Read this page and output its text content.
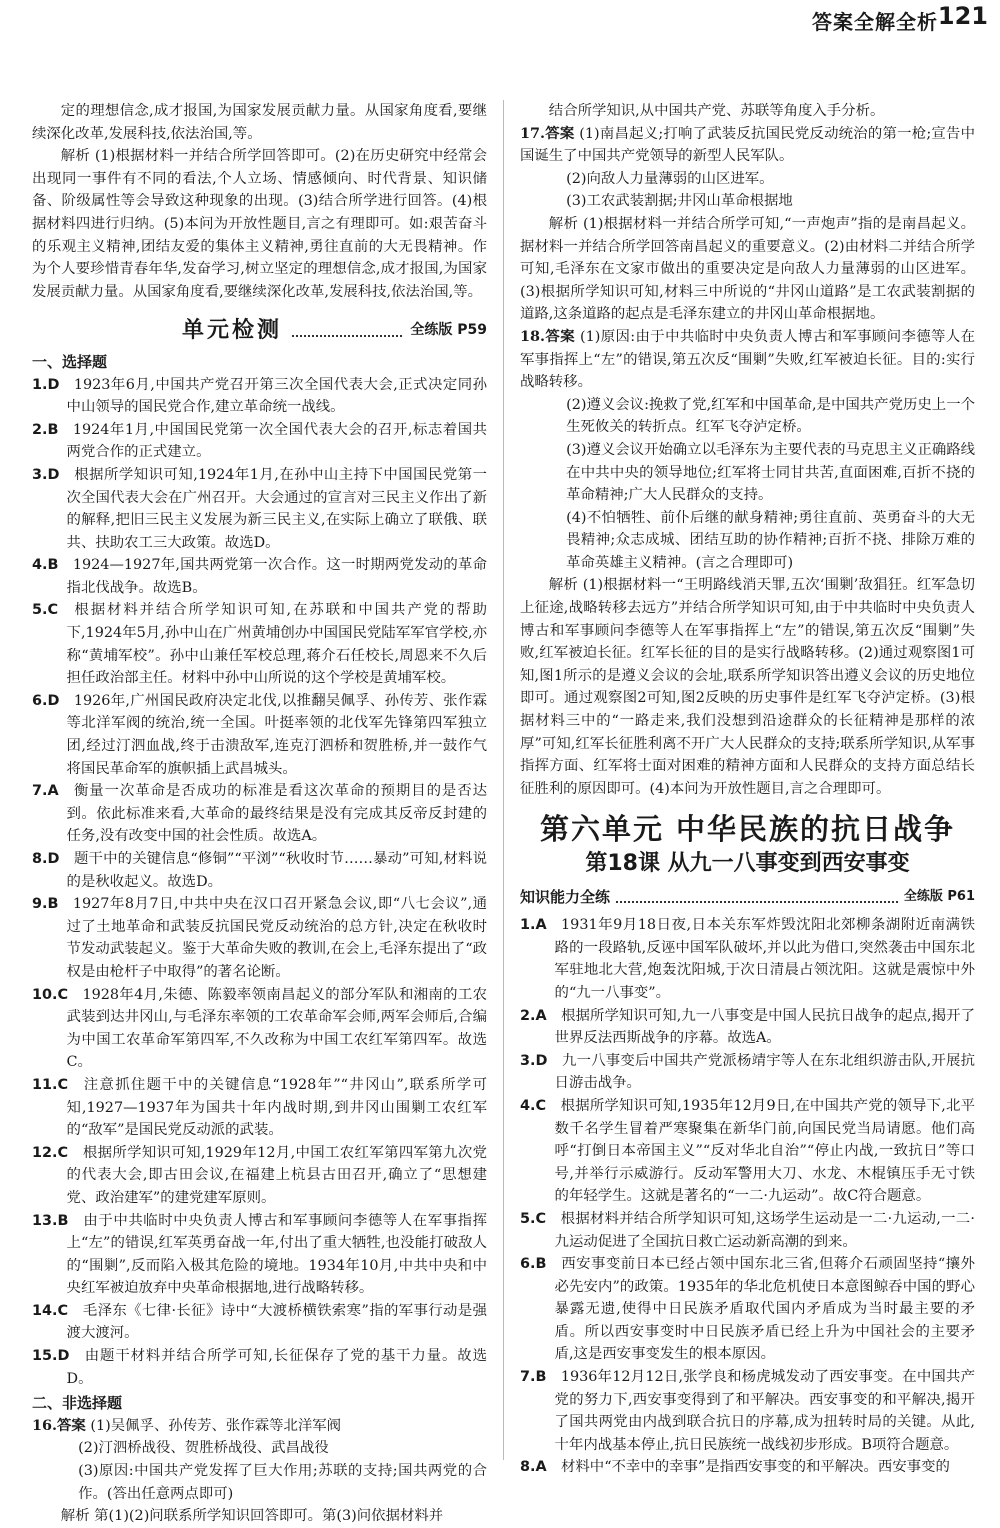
答案全解全析 121

定的理想信念,成才报国,为国家发展贡献力量。从国家角度看,要继续深化改革,发展科技,依法治国,等。

解析 (1)根据材料一并结合所学回答即可。(2)在历史研究中经常会出现同一事件有不同的看法,个人立场、情感倾向、时代背景、知识储备、阶级属性等会导致这种现象的出现。(3)结合所学进行回答。(4)根据材料四进行归纳。(5)本问为开放性题目,言之有理即可。如:艰苦奋斗的乐观主义精神,团结友爱的集体主义精神,勇往直前的大无畏精神。作为个人要珍惜青春年华,发奋学习,树立坚定的理想信念,成才报国,为国家发展贡献力量。从国家角度看,要继续深化改革,发展科技,依法治国,等。

单元检测	全练版 P59
一、选择题

1.D  1923年6月,中国共产党召开第三次全国代表大会,正式决定同孙中山领导的国民党合作,建立革命统一战线。

2.B  1924年1月,中国国民党第一次全国代表大会的召开,标志着国共两党合作的正式建立。

3.D  根据所学知识可知,1924年1月,在孙中山主持下中国国民党第一次全国代表大会在广州召开。大会通过的宣言对三民主义作出了新的解释,把旧三民主义发展为新三民主义,在实际上确立了联俄、联共、扶助农工三大政策。故选D。

4.B  1924—1927年,国共两党第一次合作。这一时期两党发动的革命指北伐战争。故选B。

5.C  根据材料并结合所学知识可知,在苏联和中国共产党的帮助下,1924年5月,孙中山在广州黄埔创办中国国民党陆军军官学校,亦称“黄埔军校”。孙中山兼任军校总理,蒋介石任校长,周恩来不久后担任政治部主任。材料中孙中山所说的这个学校是黄埔军校。

6.D  1926年,广州国民政府决定北伐,以推翻吴佩孚、孙传芳、张作霖等北洋军阀的统治,统一全国。叶挺率领的北伐军先锋第四军独立团,经过汀泗血战,终于击溃敌军,连克汀泗桥和贺胜桥,并一鼓作气将国民革命军的旗帜插上武昌城头。

7.A  衡量一次革命是否成功的标准是看这次革命的预期目的是否达到。依此标准来看,大革命的最终结果是没有完成其反帝反封建的任务,没有改变中国的社会性质。故选A。

8.D  题干中的关键信息“修铜”“平浏”“秋收时节……暴动”可知,材料说的是秋收起义。故选D。

9.B  1927年8月7日,中共中央在汉口召开紧急会议,即“八七会议”,通过了土地革命和武装反抗国民党反动统治的总方针,决定在秋收时节发动武装起义。鉴于大革命失败的教训,在会上,毛泽东提出了“政权是由枪杆子中取得”的著名论断。

10.C  1928年4月,朱德、陈毅率领南昌起义的部分军队和湘南的工农武装到达井冈山,与毛泽东率领的工农革命军会师,两军会师后,合编为中国工农革命军第四军,不久改称为中国工农红军第四军。故选C。

11.C  注意抓住题干中的关键信息“1928年”“井冈山”,联系所学可知,1927—1937年为国共十年内战时期,到井冈山围剿工农红军的“敌军”是国民党反动派的武装。

12.C  根据所学知识可知,1929年12月,中国工农红军第四军第九次党的代表大会,即古田会议,在福建上杭县古田召开,确立了“思想建党、政治建军”的建党建军原则。

13.B  由于中共临时中央负责人博古和军事顾问李德等人在军事指挥上“左”的错误,红军英勇奋战一年,付出了重大牺牲,也没能打破敌人的“围剿”,反而陷入极其危险的境地。1934年10月,中共中央和中央红军被迫放弃中央革命根据地,进行战略转移。

14.C  毛泽东《七律·长征》诗中“大渡桥横铁索寒”指的军事行动是强渡大渡河。

15.D  由题干材料并结合所学可知,长征保存了党的基干力量。故选D。

二、非选择题

16.答案 (1)吴佩孚、孙传芳、张作霖等北洋军阀

(2)汀泗桥战役、贺胜桥战役、武昌战役

(3)原因:中国共产党发挥了巨大作用;苏联的支持;国共两党的合作。(答出任意两点即可)

解析 第(1)(2)问联系所学知识回答即可。第(3)问依据材料并

结合所学知识,从中国共产党、苏联等角度入手分析。

17.答案 (1)南昌起义;打响了武装反抗国民党反动统治的第一枪;宣告中国诞生了中国共产党领导的新型人民军队。

(2)向敌人力量薄弱的山区进军。

(3)工农武装割据;井冈山革命根据地

解析 (1)根据材料一并结合所学可知,“一声炮声”指的是南昌起义。据材料一并结合所学回答南昌起义的重要意义。(2)由材料二并结合所学可知,毛泽东在文家市做出的重要决定是向敌人力量薄弱的山区进军。(3)根据所学知识可知,材料三中所说的“井冈山道路”是工农武装割据的道路,这条道路的起点是毛泽东建立的井冈山革命根据地。

18.答案 (1)原因:由于中共临时中央负责人博古和军事顾问李德等人在军事指挥上“左”的错误,第五次反“围剿”失败,红军被迫长征。目的:实行战略转移。

(2)遵义会议:挽救了党,红军和中国革命,是中国共产党历史上一个生死攸关的转折点。红军飞夺泸定桥。

(3)遵义会议开始确立以毛泽东为主要代表的马克思主义正确路线在中共中央的领导地位;红军将士同甘共苦,直面困难,百折不挠的革命精神;广大人民群众的支持。

(4)不怕牺牲、前仆后继的献身精神;勇往直前、英勇奋斗的大无畏精神;众志成城、团结互助的协作精神;百折不挠、排除万难的革命英雄主义精神。(言之合理即可)

解析 (1)根据材料一“王明路线消天罪,五次‘围剿’敌猖狂。红军急切上征途,战略转移去远方”并结合所学知识可知,由于中共临时中央负责人博古和军事顾问李德等人在军事指挥上“左”的错误,第五次反“围剿”失败,红军被迫长征。红军长征的目的是实行战略转移。(2)通过观察图1可知,图1所示的是遵义会议的会址,联系所学知识答出遵义会议的历史地位即可。通过观察图2可知,图2反映的历史事件是红军飞夺泸定桥。(3)根据材料三中的“一路走来,我们没想到沿途群众的长征精神是那样的浓厚”可知,红军长征胜利离不开广大人民群众的支持;联系所学知识,从军事指挥方面、红军将士面对困难的精神方面和人民群众的支持方面总结长征胜利的原因即可。(4)本问为开放性题目,言之合理即可。

第六单元 中华民族的抗日战争
第18课 从九一八事变到西安事变
知识能力全练	全练版 P61

1.A  1931年9月18日夜,日本关东军炸毁沈阳北郊柳条湖附近南满铁路的一段路轨,反诬中国军队破坏,并以此为借口,突然袭击中国东北军驻地北大营,炮轰沈阳城,于次日清晨占领沈阳。这就是震惊中外的“九一八事变”。

2.A  根据所学知识可知,九一八事变是中国人民抗日战争的起点,揭开了世界反法西斯战争的序幕。故选A。

3.D  九一八事变后中国共产党派杨靖宇等人在东北组织游击队,开展抗日游击战争。

4.C  根据所学知识可知,1935年12月9日,在中国共产党的领导下,北平数千名学生冒着严寒聚集在新华门前,向国民党当局请愿。他们高呼“打倒日本帝国主义”“反对华北自治”“停止内战,一致抗日”等口号,并举行示威游行。反动军警用大刀、水龙、木棍镇压手无寸铁的年轻学生。这就是著名的“一二·九运动”。故C符合题意。

5.C  根据材料并结合所学知识可知,这场学生运动是一二·九运动,一二·九运动促进了全国抗日救亡运动新高潮的到来。

6.B  西安事变前日本已经占领中国东北三省,但蒋介石顽固坚持“攘外必先安内”的政策。1935年的华北危机使日本意图鲸吞中国的野心暴露无遗,使得中日民族矛盾取代国内矛盾成为当时最主要的矛盾。所以西安事变时中日民族矛盾已经上升为中国社会的主要矛盾,这是西安事变发生的根本原因。

7.B  1936年12月12日,张学良和杨虎城发动了西安事变。在中国共产党的努力下,西安事变得到了和平解决。西安事变的和平解决,揭开了国共两党由内战到联合抗日的序幕,成为扭转时局的关键。从此,十年内战基本停止,抗日民族统一战线初步形成。B项符合题意。

8.A  材料中“不幸中的幸事”是指西安事变的和平解决。西安事变的
